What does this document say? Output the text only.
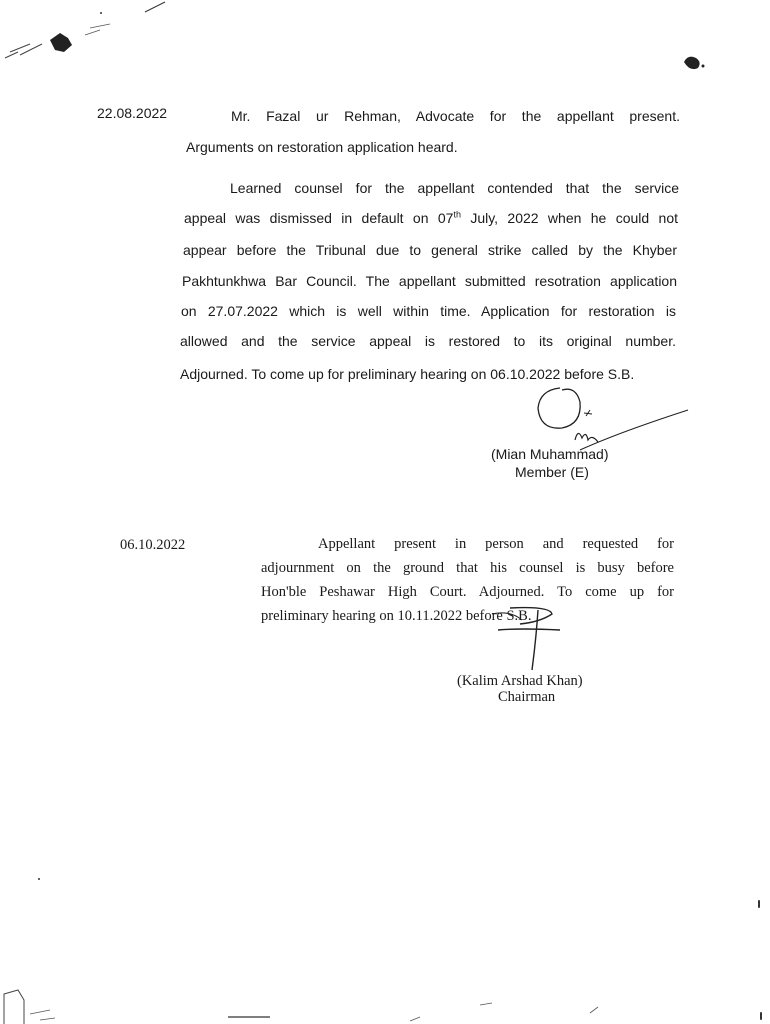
22.08.2022	Mr. Fazal ur Rehman, Advocate for the appellant present.
Arguments on restoration application heard.
Learned counsel for the appellant contended that the service
appeal was dismissed in default on 07th July, 2022 when he could not
appear before the Tribunal due to general strike called by the Khyber
Pakhtunkhwa Bar Council. The appellant submitted resotration application
on 27.07.2022 which is well within time. Application for restoration is
allowed and the service appeal is restored to its original number.
Adjourned. To come up for preliminary hearing on 06.10.2022 before S.B.
(Mian Muhammad)
Member (E)
06.10.2022	Appellant present in person and requested for
adjournment on the ground that his counsel is busy before
Hon'ble Peshawar High Court. Adjourned. To come up for
preliminary hearing on 10.11.2022 before S.B.
(Kalim Arshad Khan)
Chairman
